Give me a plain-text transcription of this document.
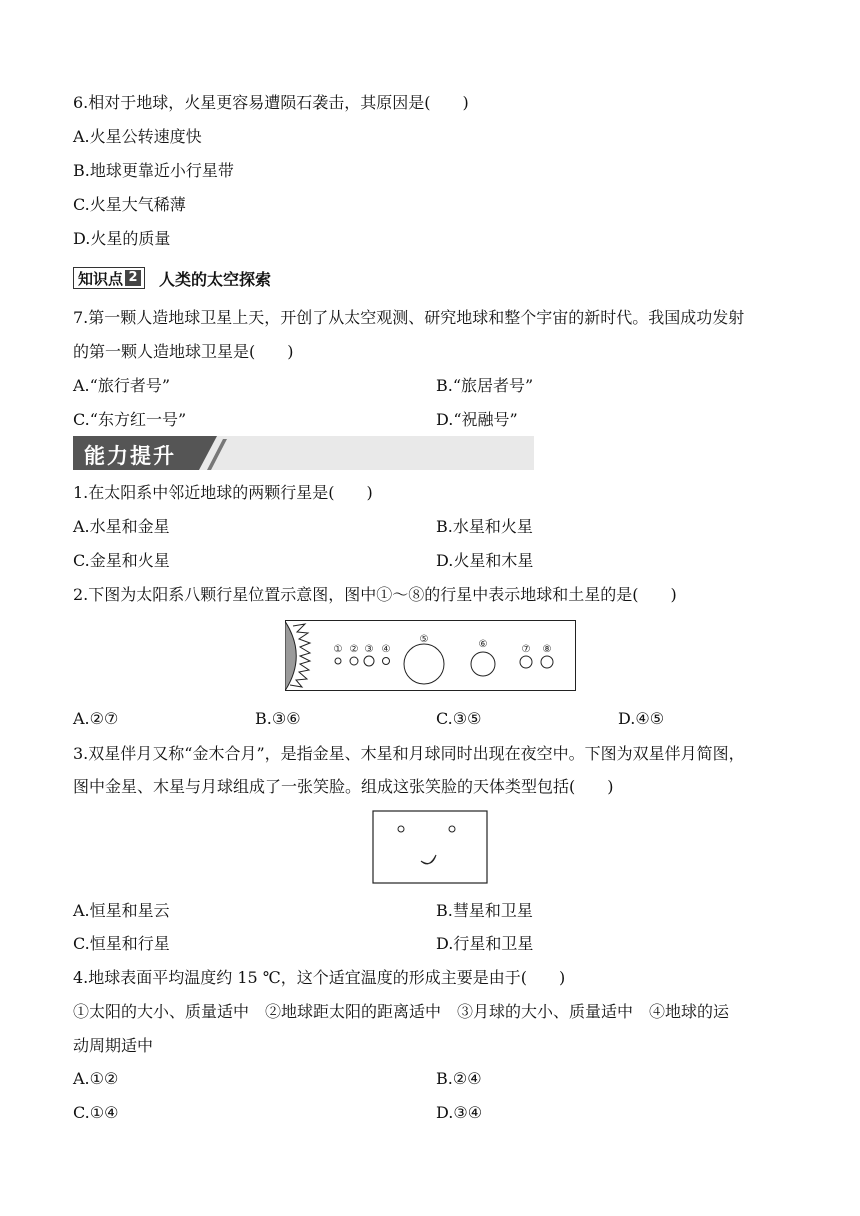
6.相对于地球，火星更容易遭陨石袭击，其原因是(　　)
A.火星公转速度快
B.地球更靠近小行星带
C.火星大气稀薄
D.火星的质量
知识点 2 人类的太空探索
7.第一颗人造地球卫星上天，开创了从太空观测、研究地球和整个宇宙的新时代。我国成功发射
的第一颗人造地球卫星是(　　)
A.“旅行者号”	B.“旅居者号”
C.“东方红一号”	D.“祝融号”
能力提升
1.在太阳系中邻近地球的两颗行星是(　　)
A.水星和金星	B.水星和火星
C.金星和火星	D.火星和木星
2.下图为太阳系八颗行星位置示意图，图中①～⑧的行星中表示地球和土星的是(　　)
① ② ③ ④
⑤	⑥	⑦ ⑧
A.②⑦	B.③⑥	C.③⑤	D.④⑤
3.双星伴月又称“金木合月”，是指金星、木星和月球同时出现在夜空中。下图为双星伴月简图，
图中金星、木星与月球组成了一张笑脸。组成这张笑脸的天体类型包括(　　)
A.恒星和星云	B.彗星和卫星
C.恒星和行星	D.行星和卫星
4.地球表面平均温度约 15 ℃，这个适宜温度的形成主要是由于(　　)
①太阳的大小、质量适中　②地球距太阳的距离适中　③月球的大小、质量适中　④地球的运
动周期适中
A.①②	B.②④
C.①④	D.③④
